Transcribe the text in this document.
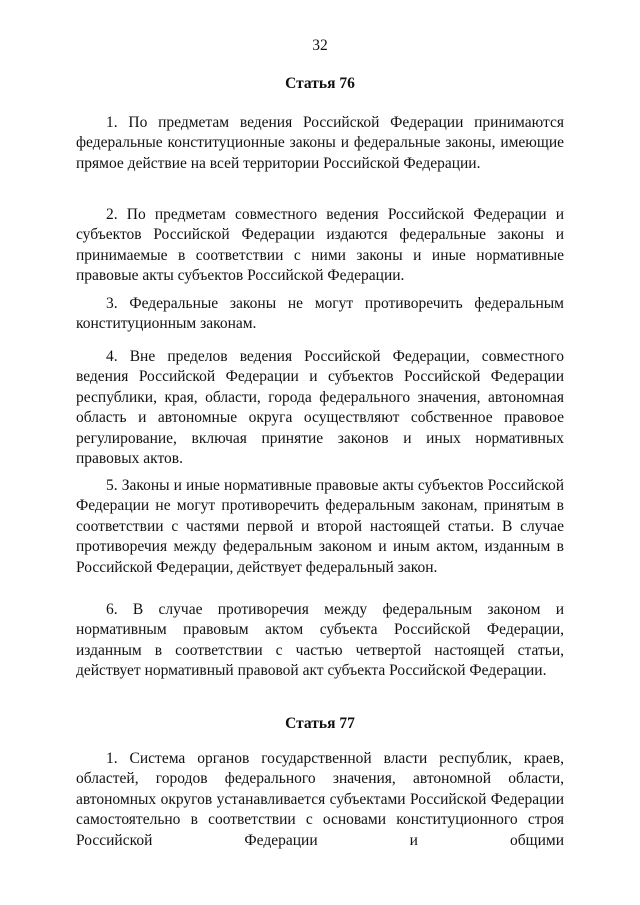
32
Статья 76
1. По предметам ведения Российской Федерации принимаются федеральные конституционные законы и федеральные законы, имеющие прямое действие на всей территории Российской Федерации.
2. По предметам совместного ведения Российской Федерации и субъектов Российской Федерации издаются федеральные законы и принимаемые в соответствии с ними законы и иные нормативные правовые акты субъектов Российской Федерации.
3. Федеральные законы не могут противоречить федеральным конституционным законам.
4. Вне пределов ведения Российской Федерации, совместного ведения Российской Федерации и субъектов Российской Федерации республики, края, области, города федерального значения, автономная область и автономные округа осуществляют собственное правовое регулирование, включая принятие законов и иных нормативных правовых актов.
5. Законы и иные нормативные правовые акты субъектов Российской Федерации не могут противоречить федеральным законам, принятым в соответствии с частями первой и второй настоящей статьи. В случае противоречия между федеральным законом и иным актом, изданным в Российской Федерации, действует федеральный закон.
6. В случае противоречия между федеральным законом и нормативным правовым актом субъекта Российской Федерации, изданным в соответствии с частью четвертой настоящей статьи, действует нормативный правовой акт субъекта Российской Федерации.
Статья 77
1. Система органов государственной власти республик, краев, областей, городов федерального значения, автономной области, автономных округов устанавливается субъектами Российской Федерации самостоятельно в соответствии с основами конституционного строя Российской Федерации и общими
